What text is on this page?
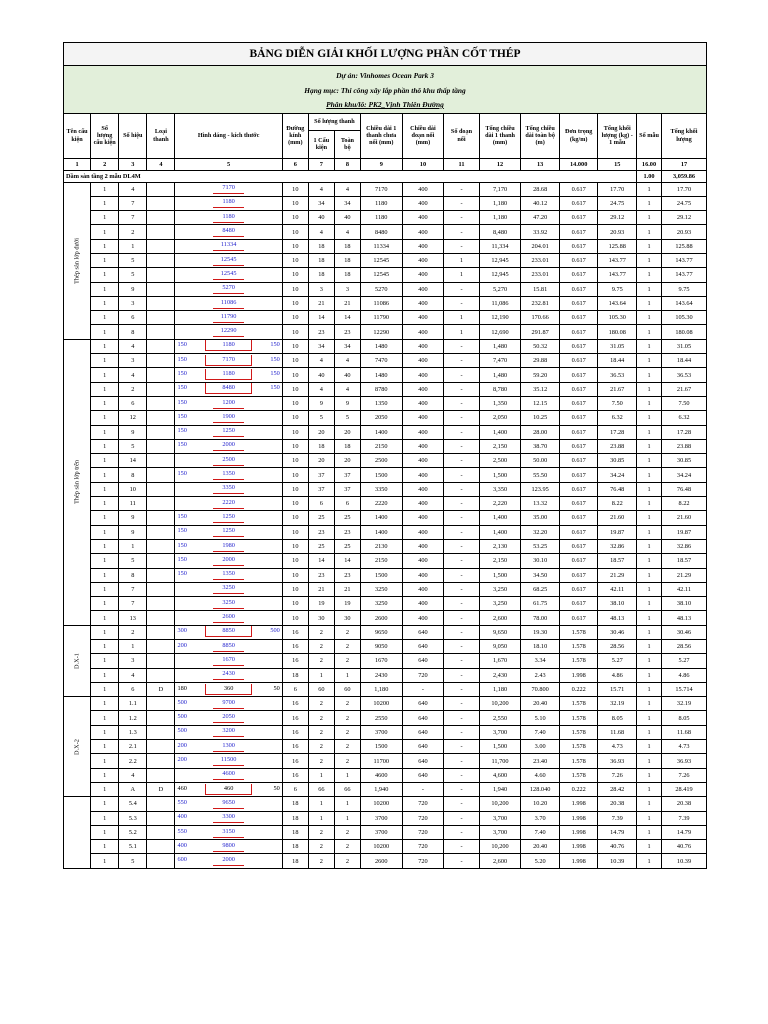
BẢNG DIỄN GIẢI KHỐI LƯỢNG PHẦN CỐT THÉP
Dự án: Vinhomes Ocean Park 3
Hạng mục: Thi công xây lắp phần thô khu thấp tầng
Phân khu/lô: PK2_Vịnh Thiên Đường
Tên cấu kiện	Số lượng cấu kiện	Số hiệu	Loại thanh	Hình dáng - kích thước	Đường kính (mm)	Số lượng thanh		Chiều dài 1 thanh chưa nối (mm)	Chiều dài đoạn nối (mm)	Số đoạn nối	Tổng chiều dài 1 thanh (mm)	Tổng chiều dài toàn bộ (m)	Đơn trọng (kg/m)	Tổng khối lượng (kg) - 1 mẫu	Số mẫu	Tổng khối lượng
						1 Cấu kiện	Toàn bộ									
1	2	3	4	5	6	7	8	9	10	11	12	13	14.000	15	16.00	17
Dầm sàn tầng 2 mẫu DL4M															1.00	3,059.86

Thép sàn lớp dưới	1	4		7170	10	4	4	7170	400	-	7,170	28.68	0.617	17.70	1	17.70
	1	7		1180	10	34	34	1180	400	-	1,180	40.12	0.617	24.75	1	24.75
	1	7		1180	10	40	40	1180	400	-	1,180	47.20	0.617	29.12	1	29.12
	1	2		8480	10	4	4	8480	400	-	8,480	33.92	0.617	20.93	1	20.93
	1	1		11334	10	18	18	11334	400	-	11,334	204.01	0.617	125.88	1	125.88
	1	5		12545	10	18	18	12545	400	1	12,945	233.01	0.617	143.77	1	143.77
	1	5		12545	10	18	18	12545	400	1	12,945	233.01	0.617	143.77	1	143.77
	1	9		5270	10	3	3	5270	400	-	5,270	15.81	0.617	9.75	1	9.75
	1	3		11086	10	21	21	11086	400	-	11,086	232.81	0.617	143.64	1	143.64
	1	6		11790	10	14	14	11790	400	1	12,190	170.66	0.617	105.30	1	105.30
	1	8		12290	10	23	23	12290	400	1	12,690	291.87	0.617	180.08	1	180.08

Thép sàn lớp trên	1	4		150 1180 150	10	34	34	1480	400	-	1,480	50.32	0.617	31.05	1	31.05
	1	3		150 7170 150	10	4	4	7470	400	-	7,470	29.88	0.617	18.44	1	18.44
	1	4		150 1180 150	10	40	40	1480	400	-	1,480	59.20	0.617	36.53	1	36.53
	1	2		150 8480 150	10	4	4	8780	400	-	8,780	35.12	0.617	21.67	1	21.67
	1	6		150 1200	10	9	9	1350	400	-	1,350	12.15	0.617	7.50	1	7.50
	1	12		150 1900	10	5	5	2050	400	-	2,050	10.25	0.617	6.32	1	6.32
	1	9		150 1250	10	20	20	1400	400	-	1,400	28.00	0.617	17.28	1	17.28
	1	5		150 2000	10	18	18	2150	400	-	2,150	38.70	0.617	23.88	1	23.88
	1	14		2500	10	20	20	2500	400	-	2,500	50.00	0.617	30.85	1	30.85
	1	8		150 1350	10	37	37	1500	400	-	1,500	55.50	0.617	34.24	1	34.24
	1	10		3350	10	37	37	3350	400	-	3,350	123.95	0.617	76.48	1	76.48
	1	11		2220	10	6	6	2220	400	-	2,220	13.32	0.617	8.22	1	8.22
	1	9		150 1250	10	25	25	1400	400	-	1,400	35.00	0.617	21.60	1	21.60
	1	9		150 1250	10	23	23	1400	400	-	1,400	32.20	0.617	19.87	1	19.87
	1	1		150 1980	10	25	25	2130	400	-	2,130	53.25	0.617	32.86	1	32.86
	1	5		150 2000	10	14	14	2150	400	-	2,150	30.10	0.617	18.57	1	18.57
	1	8		150 1350	10	23	23	1500	400	-	1,500	34.50	0.617	21.29	1	21.29
	1	7		3250	10	21	21	3250	400	-	3,250	68.25	0.617	42.11	1	42.11
	1	7		3250	10	19	19	3250	400	-	3,250	61.75	0.617	38.10	1	38.10
	1	13		2600	10	30	30	2600	400	-	2,600	78.00	0.617	48.13	1	48.13

D.X-1	1	2		300 8850 500	16	2	2	9650	640	-	9,650	19.30	1.578	30.46	1	30.46
	1	1		200 8850	16	2	2	9050	640	-	9,050	18.10	1.578	28.56	1	28.56
	1	3		1670	16	2	2	1670	640	-	1,670	3.34	1.578	5.27	1	5.27
	1	4		2430	18	1	1	2430	720	-	2,430	2.43	1.998	4.86	1	4.86
	1	6	D	180 360 50	6	60	60	1,180	-	-	1,180	70.800	0.222	15.71	1	15.714

D.X-2	1	1.1		500 9700	16	2	2	10200	640	-	10,200	20.40	1.578	32.19	1	32.19
	1	1.2		500 2050	16	2	2	2550	640	-	2,550	5.10	1.578	8.05	1	8.05
	1	1.3		500 3200	16	2	2	3700	640	-	3,700	7.40	1.578	11.68	1	11.68
	1	2.1		200 1300	16	2	2	1500	640	-	1,500	3.00	1.578	4.73	1	4.73
	1	2.2		200 11500	16	2	2	11700	640	-	11,700	23.40	1.578	36.93	1	36.93
	1	4		4600	16	1	1	4600	640	-	4,600	4.60	1.578	7.26	1	7.26
	1	A	D	460 460 50	6	66	66	1,940	-	-	1,940	128.040	0.222	28.42	1	28.419
	1	5.4		550 9650	18	1	1	10200	720	-	10,200	10.20	1.998	20.38	1	20.38
	1	5.3		400 3300	18	1	1	3700	720	-	3,700	3.70	1.998	7.39	1	7.39
	1	5.2		550 3150	18	2	2	3700	720	-	3,700	7.40	1.998	14.79	1	14.79
	1	5.1		400 9800	18	2	2	10200	720	-	10,200	20.40	1.998	40.76	1	40.76
	1	5		600 2000	18	2	2	2600	720	-	2,600	5.20	1.998	10.39	1	10.39
